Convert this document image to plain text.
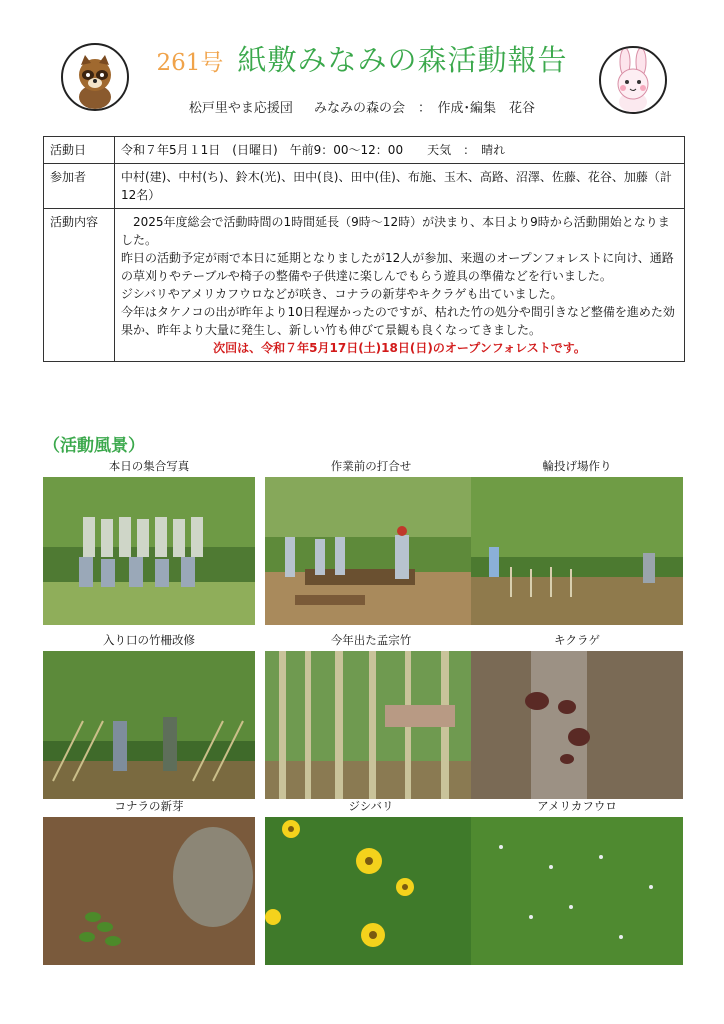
261号 紙敷みなみの森活動報告
松戸里やま応援団　 みなみの森の会　：　作成･編集　花谷
活動日	令和７年5月１1日　(日曜日)　午前9：00〜12：00　　天気　：　晴れ
参加者	中村(建)、中村(ち)、鈴木(光)、田中(良)、田中(佳)、布施、玉木、高路、沼澤、佐藤、花谷、加藤（計12名）
活動内容	2025年度総会で活動時間の1時間延長（9時〜12時）が決まり、本日より9時から活動開始となりました。

昨日の活動予定が雨で本日に延期となりましたが12人が参加、来週のオープンフォレストに向け、通路の草刈りやテーブルや椅子の整備や子供達に楽しんでもらう遊具の準備などを行いました。

ジシバリやアメリカフウロなどが咲き、コナラの新芽やキクラゲも出ていました。

今年はタケノコの出が昨年より10日程遅かったのですが、枯れた竹の処分や間引きなど整備を進めた効果か、昨年より大量に発生し、新しい竹も伸びて景観も良くなってきました。

次回は、令和７年5月17日(土)18日(日)のオープンフォレストです。

（活動風景）
本日の集合写真	作業前の打合せ	輪投げ場作り
入り口の竹柵改修	今年出た孟宗竹	キクラゲ
コナラの新芽	ジシバリ	アメリカフウロ
